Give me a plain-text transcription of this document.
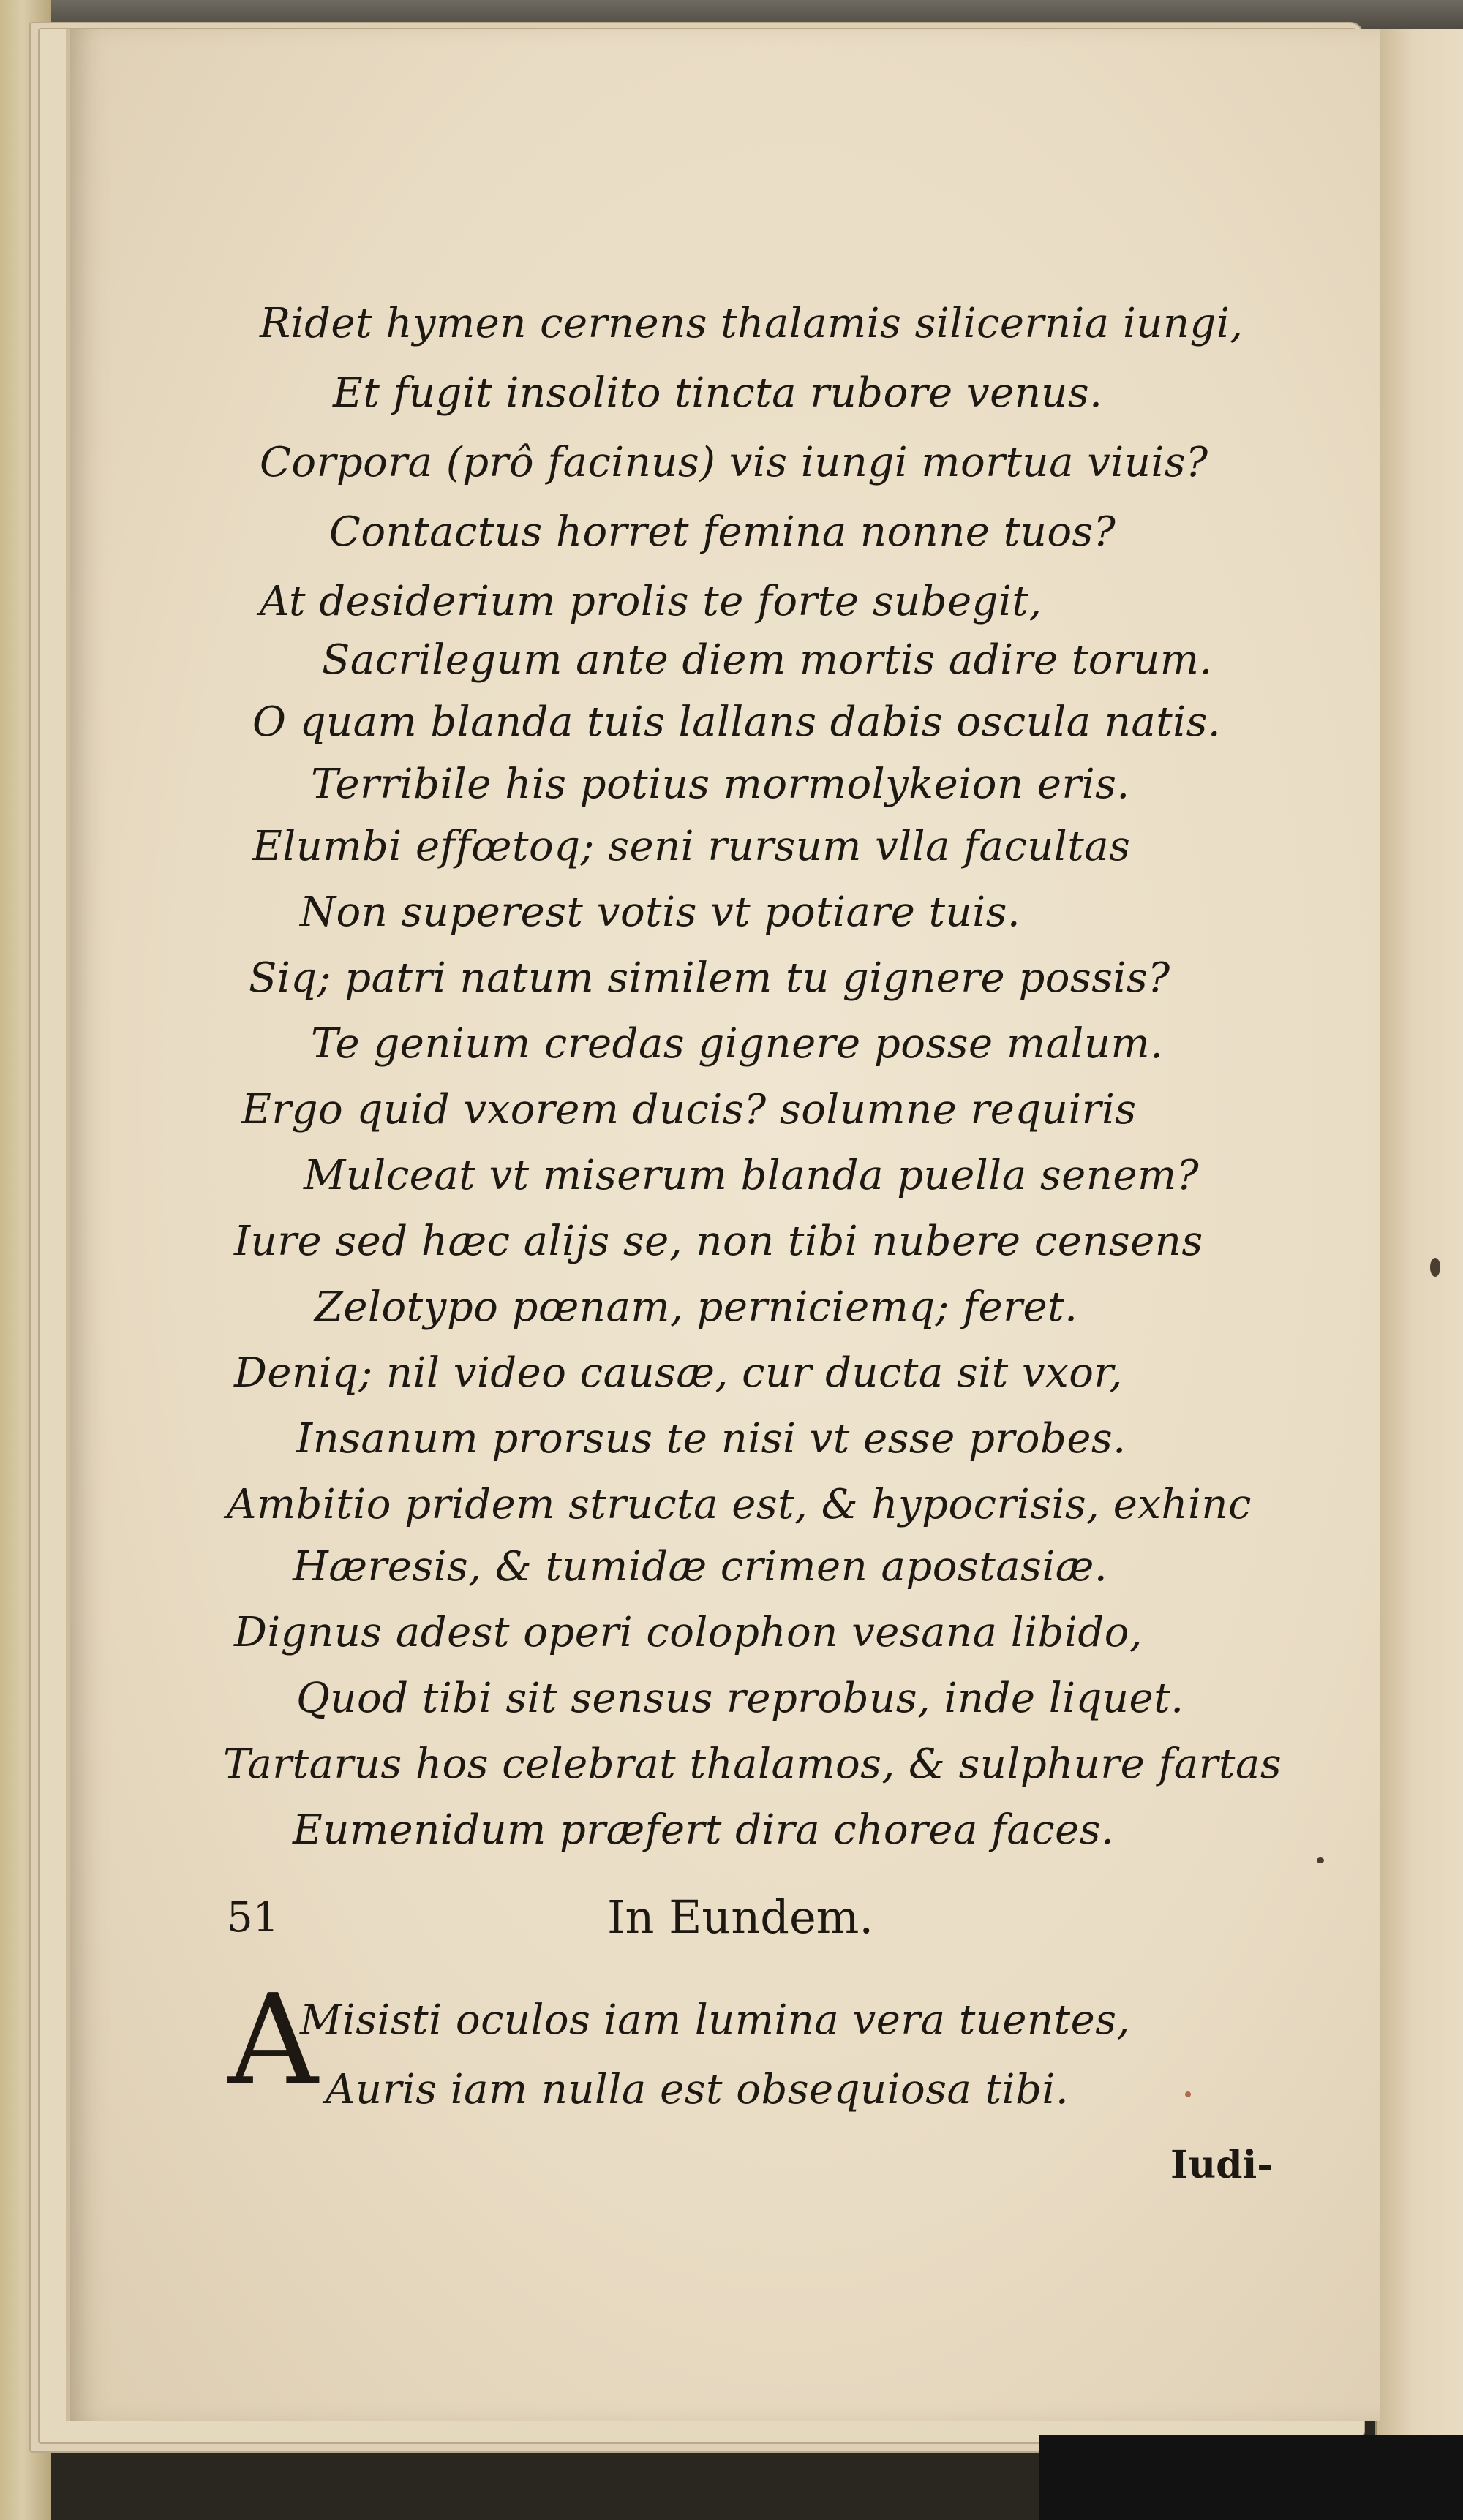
Ridet hymen cernens thalamis silicernia iungi,
Et fugit insolito tincta rubore venus.
Corpora (prô facinus) vis iungi mortua viuis?
Contactus horret femina nonne tuos?
At desiderium prolis te forte subegit,
Sacrilegum ante diem mortis adire torum.
O quam blanda tuis lallans dabis oscula natis.
Terribile his potius mormolykeion eris.
Elumbi effœtoq; seni rursum vlla facultas
Non superest votis vt potiare tuis.
Siq; patri natum similem tu gignere possis?
Te genium credas gignere posse malum.
Ergo quid vxorem ducis? solumne requiris
Mulceat vt miserum blanda puella senem?
Iure sed hæc alijs se, non tibi nubere censens
Zelotypo pœnam, perniciemq; feret.
Deniq; nil video causæ, cur ducta sit vxor,
Insanum prorsus te nisi vt esse probes.
Ambitio pridem structa est, & hypocrisis, exhinc
Hæresis, & tumidæ crimen apostasiæ.
Dignus adest operi colophon vesana libido,
Quod tibi sit sensus reprobus, inde liquet.
Tartarus hos celebrat thalamos, & sulphure fartas
Eumenidum præfert dira chorea faces.
51	In Eundem.
A
Misisti oculos iam lumina vera tuentes,
Auris iam nulla est obsequiosa tibi.
Iudi-
